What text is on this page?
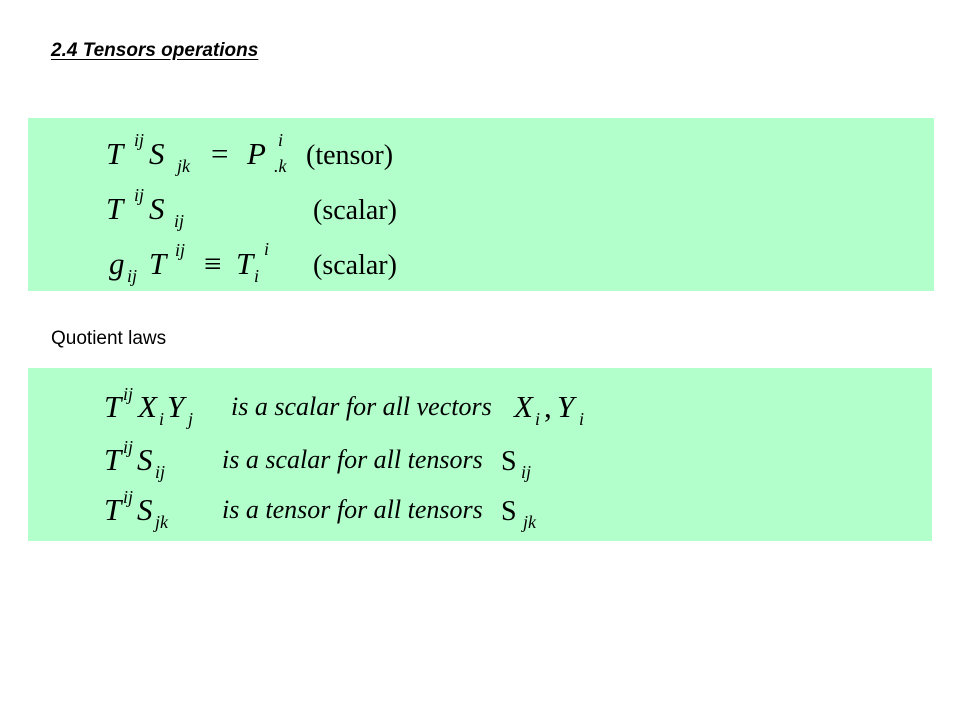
2.4 Tensors operations
T ij S jk = P i
.k (tensor)
T ij S ij	(scalar)
g ij T ij ≡ T i
i
(scalar)
Quotient laws
T ij X i Y j is a scalar for all vectors X i , Y i
T ij S ij is a scalar for all tensors S ij
T ij S jk is a tensor for all tensors S jk
